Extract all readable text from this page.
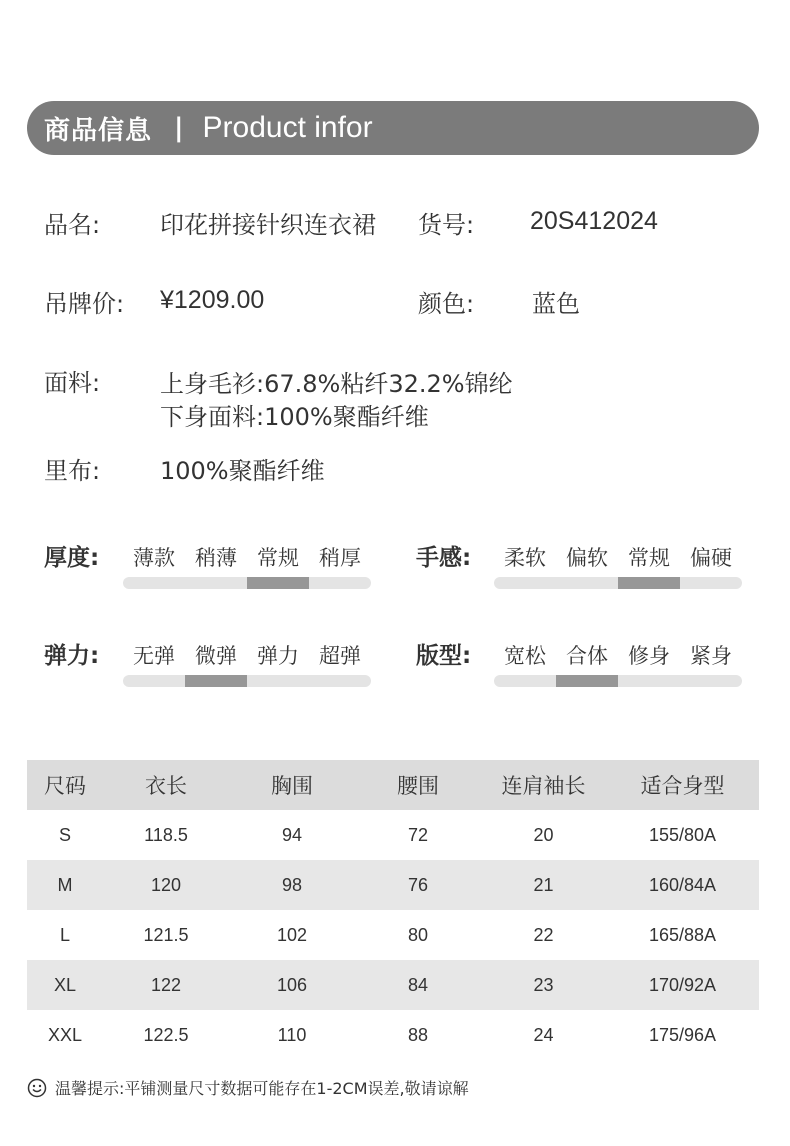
商品信息 | Product infor
品名: 印花拼接针织连衣裙 货号: 20S412024
吊牌价: ¥1209.00	颜色: 蓝色
面料: 上身毛衫:67.8%粘纤32.2%锦纶
下身面料:100%聚酯纤维
里布: 100%聚酯纤维
厚度:	薄款 稍薄 常规 稍厚	手感:	柔软 偏软 常规 偏硬
弹力:	无弹 微弹 弹力 超弹	版型:	宽松 合体 修身 紧身
尺码	衣长	胸围	腰围	连肩袖长	适合身型
S	118.5	94	72	20	155/80A
M	120	98	76	21	160/84A
L	121.5	102	80	22	165/88A
XL	122	106	84	23	170/92A
XXL	122.5	110	88	24	175/96A
温馨提示:平铺测量尺寸数据可能存在1-2CM误差,敬请谅解
